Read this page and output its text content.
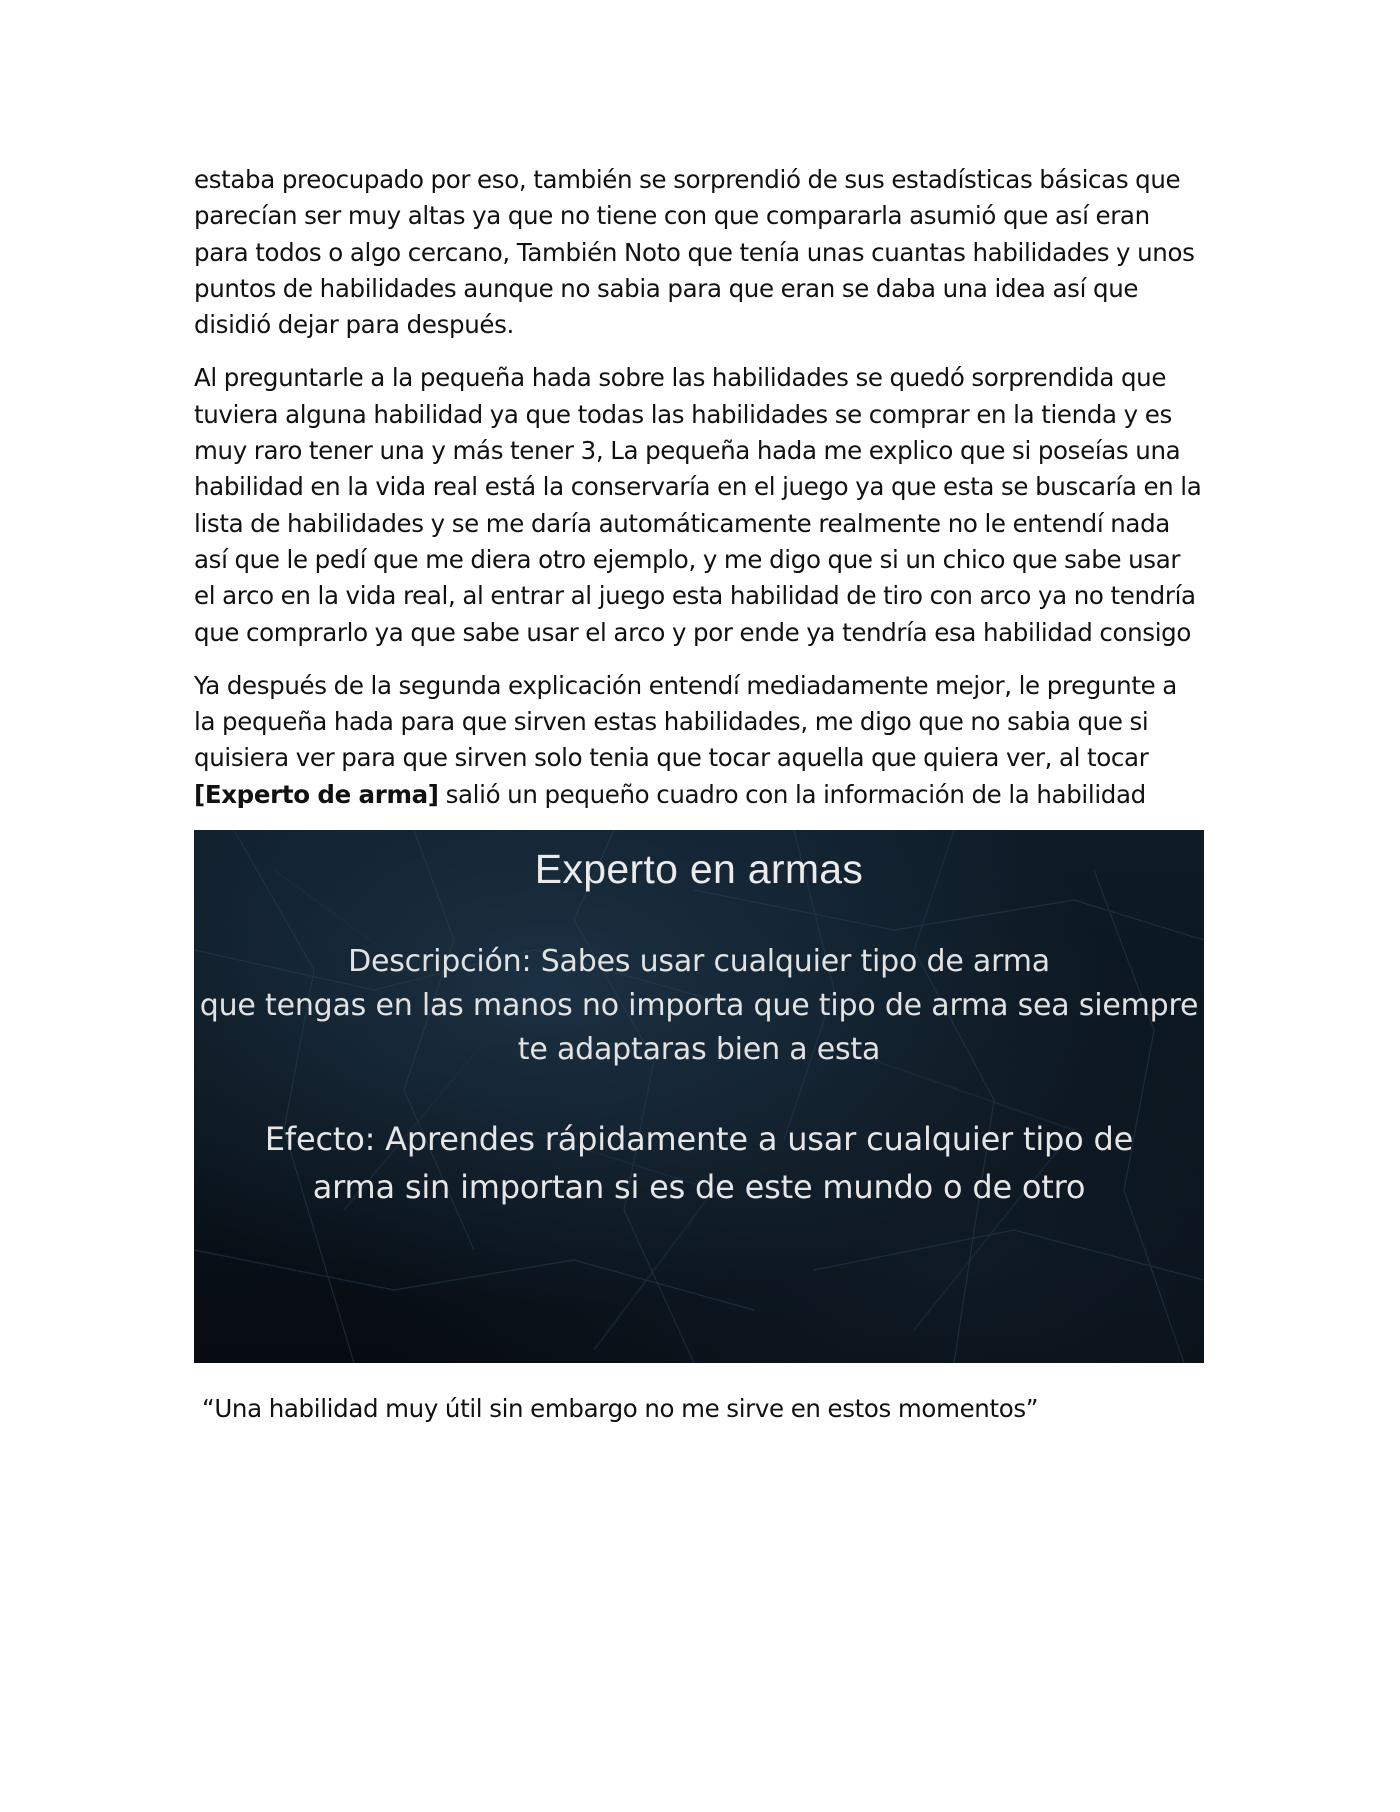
estaba preocupado por eso, también se sorprendió de sus estadísticas básicas que parecían ser muy altas ya que no tiene con que compararla asumió que así eran para todos o algo cercano, También Noto que tenía unas cuantas habilidades y unos puntos de habilidades aunque no sabia para que eran se daba una idea así que disidió dejar para después.

Al preguntarle a la pequeña hada sobre las habilidades se quedó sorprendida que tuviera alguna habilidad ya que todas las habilidades se comprar en la tienda y es muy raro tener una y más tener 3, La pequeña hada me explico que si poseías una habilidad en la vida real está la conservaría en el juego ya que esta se buscaría en la lista de habilidades y se me daría automáticamente realmente no le entendí nada así que le pedí que me diera otro ejemplo, y me digo que si un chico que sabe usar el arco en la vida real, al entrar al juego esta habilidad de tiro con arco ya no tendría que comprarlo ya que sabe usar el arco y por ende ya tendría esa habilidad consigo

Ya después de la segunda explicación entendí mediadamente mejor, le pregunte a la pequeña hada para que sirven estas habilidades, me digo que no sabia que si quisiera ver para que sirven solo tenia que tocar aquella que quiera ver, al tocar [Experto de arma] salió un pequeño cuadro con la información de la habilidad

Experto en armas
Descripción: Sabes usar cualquier tipo de arma
que tengas en las manos no importa que tipo de arma sea siempre
te adaptaras bien a esta
Efecto: Aprendes rápidamente a usar cualquier tipo de
arma sin importan si es de este mundo o de otro

“Una habilidad muy útil sin embargo no me sirve en estos momentos”
